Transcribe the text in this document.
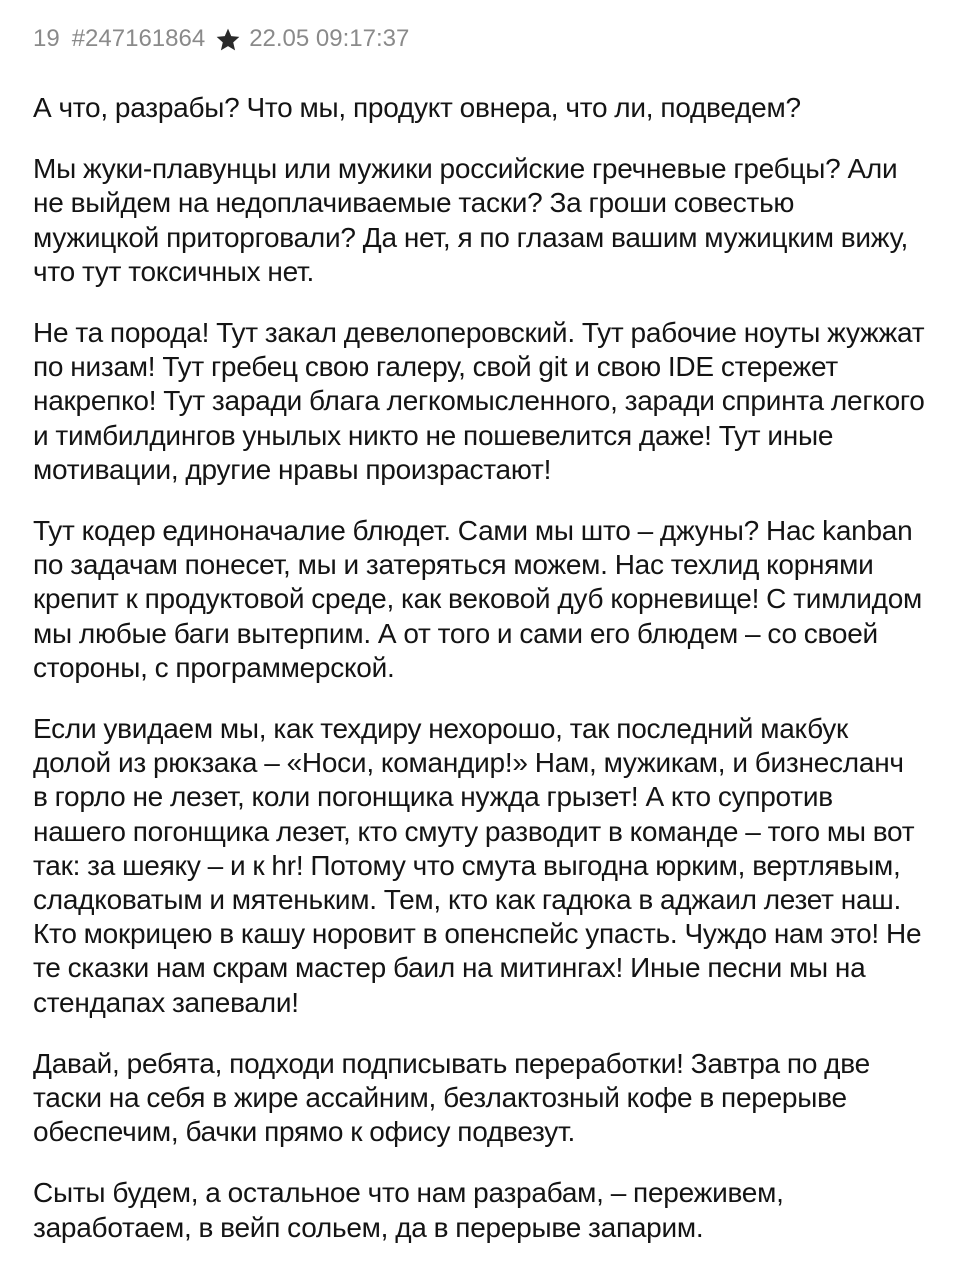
19 #247161864 22.05 09:17:37

А что, разрабы? Что мы, продукт овнера, что ли, подведем?

Мы жуки-плавунцы или мужики российские гречневые гребцы? Али не выйдем на недоплачиваемые таски? За гроши совестью мужицкой приторговали? Да нет, я по глазам вашим мужицким вижу, что тут токсичных нет.

Не та порода! Тут закал девелоперовский. Тут рабочие ноуты жужжат по низам! Тут гребец свою галеру, свой git и свою IDE стережет накрепко! Тут заради блага легкомысленного, заради спринта легкого и тимбилдингов унылых никто не пошевелится даже! Тут иные мотивации, другие нравы произрастают!

Тут кодер единоначалие блюдет. Сами мы што – джуны? Нас kanban по задачам понесет, мы и затеряться можем. Нас техлид корнями крепит к продуктовой среде, как вековой дуб корневище! С тимлидом мы любые баги вытерпим. А от того и сами его блюдем – со своей стороны, с программерской.

Если увидаем мы, как техдиру нехорошо, так последний макбук долой из рюкзака – «Носи, командир!» Нам, мужикам, и бизнесланч в горло не лезет, коли погонщика нужда грызет! А кто супротив нашего погонщика лезет, кто смуту разводит в команде – того мы вот так: за шеяку – и к hr! Потому что смута выгодна юрким, вертлявым, сладковатым и мятеньким. Тем, кто как гадюка в аджаил лезет наш. Кто мокрицею в кашу норовит в опенспейс упасть. Чуждо нам это! Не те сказки нам скрам мастер баил на митингах! Иные песни мы на стендапах запевали!

Давай, ребята, подходи подписывать переработки! Завтра по две таски на себя в жире ассайним, безлактозный кофе в перерыве обеспечим, бачки прямо к офису подвезут.

Сыты будем, а остальное что нам разрабам, – переживем, заработаем, в вейп сольем, да в перерыве запарим.
